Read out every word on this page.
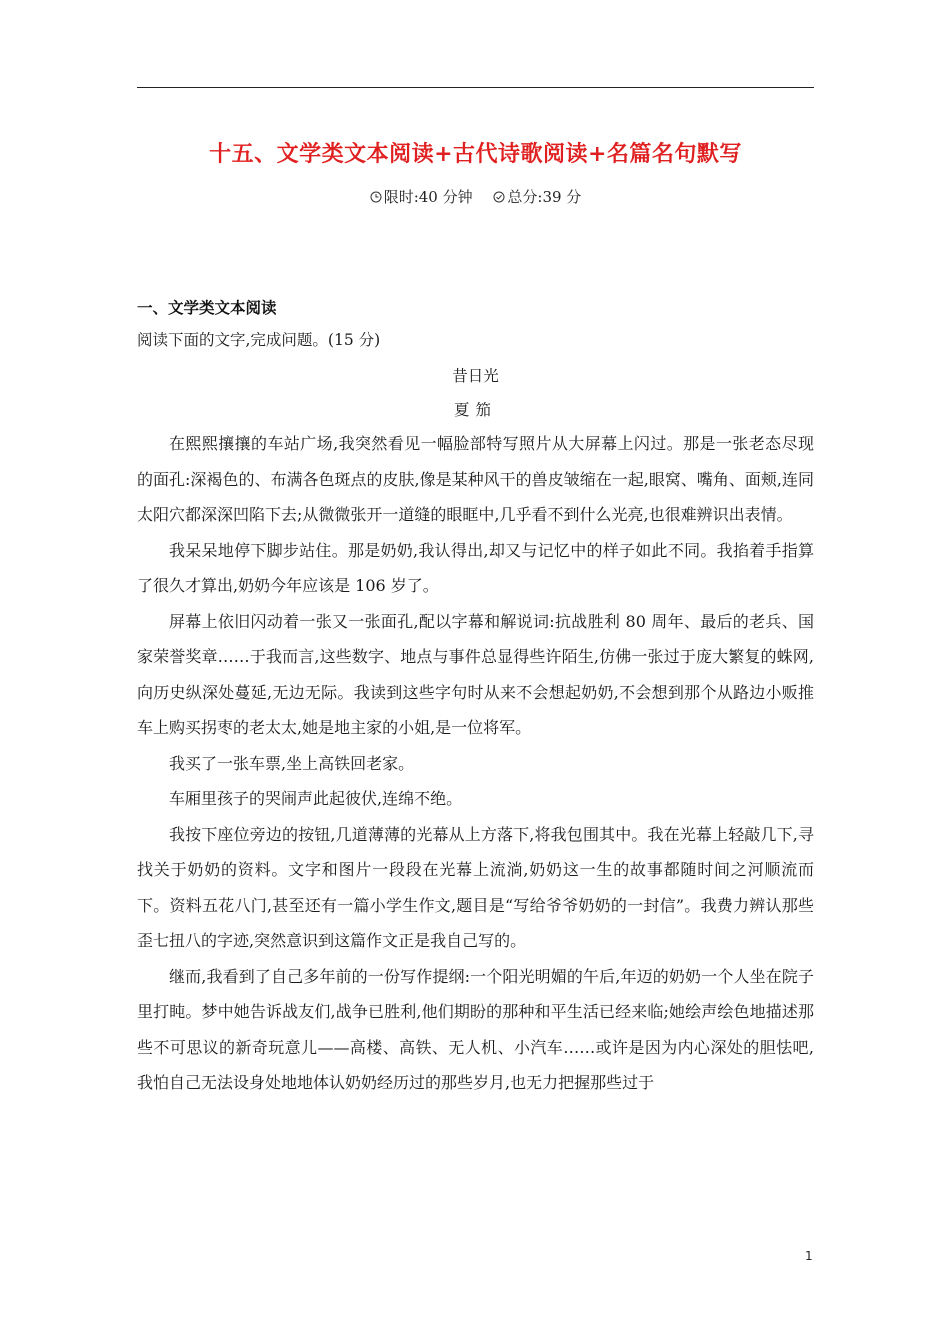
十五、文学类文本阅读+古代诗歌阅读+名篇名句默写
限时:40 分钟 总分:39 分
一、文学类文本阅读
阅读下面的文字,完成问题。(15 分)
昔日光
夏笳

在熙熙攘攘的车站广场,我突然看见一幅脸部特写照片从大屏幕上闪过。那是一张老态尽现的面孔:深褐色的、布满各色斑点的皮肤,像是某种风干的兽皮皱缩在一起,眼窝、嘴角、面颊,连同太阳穴都深深凹陷下去;从微微张开一道缝的眼眶中,几乎看不到什么光亮,也很难辨识出表情。

我呆呆地停下脚步站住。那是奶奶,我认得出,却又与记忆中的样子如此不同。我掐着手指算了很久才算出,奶奶今年应该是 106 岁了。

屏幕上依旧闪动着一张又一张面孔,配以字幕和解说词:抗战胜利 80 周年、最后的老兵、国家荣誉奖章……于我而言,这些数字、地点与事件总显得些许陌生,仿佛一张过于庞大繁复的蛛网,向历史纵深处蔓延,无边无际。我读到这些字句时从来不会想起奶奶,不会想到那个从路边小贩推车上购买拐枣的老太太,她是地主家的小姐,是一位将军。

我买了一张车票,坐上高铁回老家。

车厢里孩子的哭闹声此起彼伏,连绵不绝。

我按下座位旁边的按钮,几道薄薄的光幕从上方落下,将我包围其中。我在光幕上轻敲几下,寻找关于奶奶的资料。文字和图片一段段在光幕上流淌,奶奶这一生的故事都随时间之河顺流而下。资料五花八门,甚至还有一篇小学生作文,题目是“写给爷爷奶奶的一封信”。我费力辨认那些歪七扭八的字迹,突然意识到这篇作文正是我自己写的。

继而,我看到了自己多年前的一份写作提纲:一个阳光明媚的午后,年迈的奶奶一个人坐在院子里打盹。梦中她告诉战友们,战争已胜利,他们期盼的那种和平生活已经来临;她绘声绘色地描述那些不可思议的新奇玩意儿——高楼、高铁、无人机、小汽车……或许是因为内心深处的胆怯吧,我怕自己无法设身处地地体认奶奶经历过的那些岁月,也无力把握那些过于

1
